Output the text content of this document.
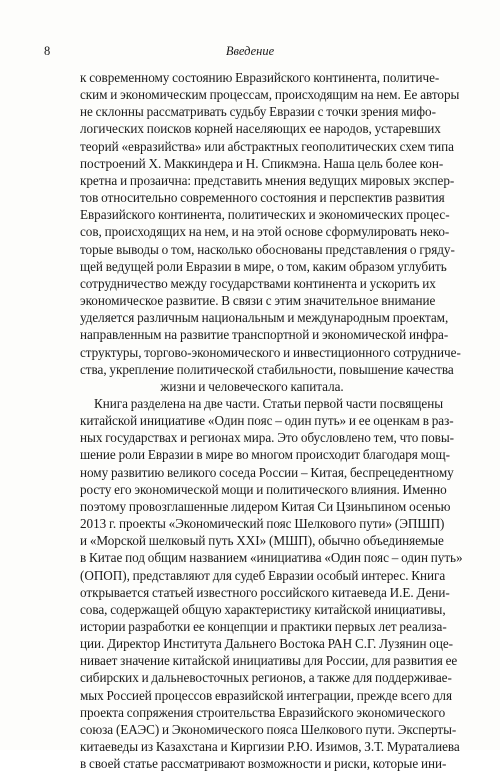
8	Введение

к современному состоянию Евразийского континента, политиче-

ским и экономическим процессам, происходящим на нем. Ее авторы

не склонны рассматривать судьбу Евразии с точки зрения мифо-

логических поисков корней населяющих ее народов, устаревших

теорий «евразийства» или абстрактных геополитических схем типа

построений Х. Маккиндера и Н. Спикмэна. Наша цель более кон-

кретна и прозаична: представить мнения ведущих мировых экспер-

тов относительно современного состояния и перспектив развития

Евразийского континента, политических и экономических процес-

сов, происходящих на нем, и на этой основе сформулировать неко-

торые выводы о том, насколько обоснованы представления о гряду-

щей ведущей роли Евразии в мире, о том, каким образом углубить

сотрудничество между государствами континента и ускорить их

экономическое развитие. В связи с этим значительное внимание

уделяется различным национальным и международным проектам,

направленным на развитие транспортной и экономической инфра-

структуры, торгово-экономического и инвестиционного сотрудниче-

ства, укрепление политической стабильности, повышение качества

жизни и человеческого капитала.

Книга разделена на две части. Статьи первой части посвящены

китайской инициативе «Один пояс – один путь» и ее оценкам в раз-

ных государствах и регионах мира. Это обусловлено тем, что повы-

шение роли Евразии в мире во многом происходит благодаря мощ-

ному развитию великого соседа России – Китая, беспрецедентному

росту его экономической мощи и политического влияния. Именно

поэтому провозглашенные лидером Китая Си Цзиньпином осенью

2013 г. проекты «Экономический пояс Шелкового пути» (ЭПШП)

и «Морской шелковый путь XXI» (МШП), обычно объединяемые

в Китае под общим названием «инициатива «Один пояс – один путь»

(ОПОП), представляют для судеб Евразии особый интерес. Книга

открывается статьей известного российского китаеведа И.Е. Дени-

сова, содержащей общую характеристику китайской инициативы,

истории разработки ее концепции и практики первых лет реализа-

ции. Директор Института Дальнего Востока РАН С.Г. Лузянин оце-

нивает значение китайской инициативы для России, для развития ее

сибирских и дальневосточных регионов, а также для поддерживае-

мых Россией процессов евразийской интеграции, прежде всего для

проекта сопряжения строительства Евразийского экономического

союза (ЕАЭС) и Экономического пояса Шелкового пути. Эксперты-

китаеведы из Казахстана и Киргизии Р.Ю. Изимов, З.Т. Мураталиева

в своей статье рассматривают возможности и риски, которые ини-
